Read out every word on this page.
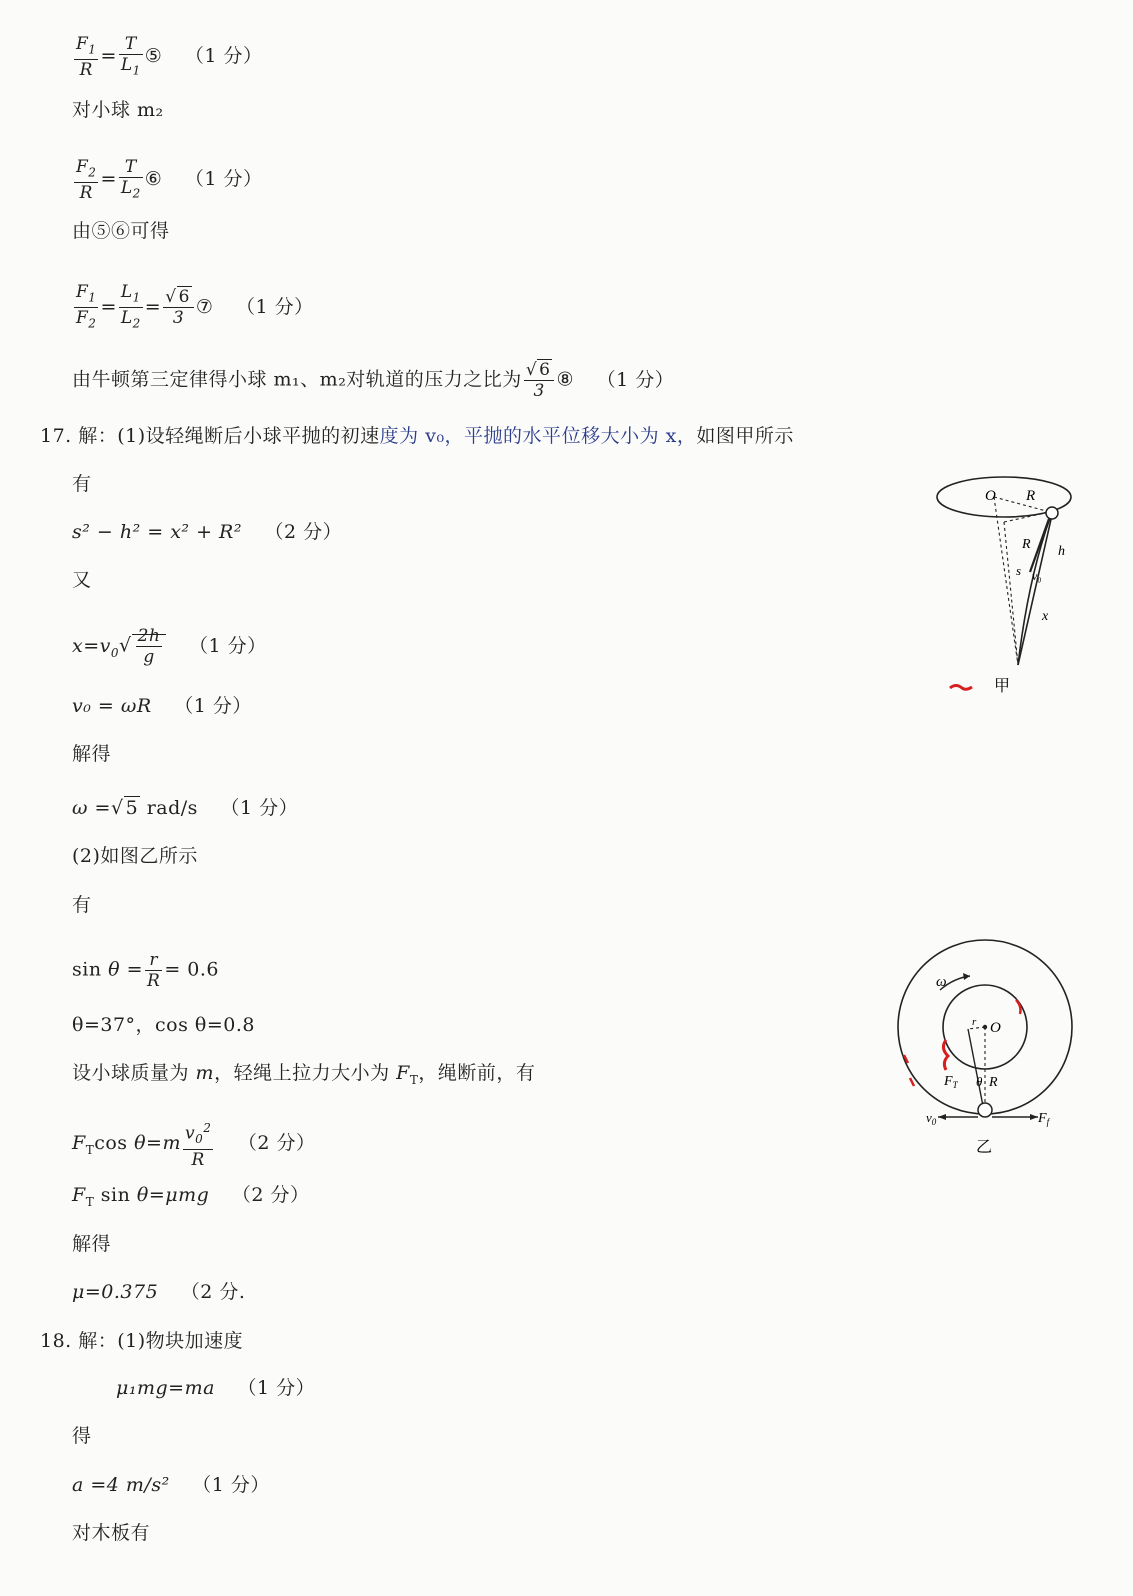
$\frac{F_1}{R} = \frac{T}{L_1}$ ⑤ （1 分）
对小球 m₂
$\frac{F_2}{R} = \frac{T}{L_2}$ ⑥ （1 分）
由⑤⑥可得
$\frac{F_1}{F_2} = \frac{L_1}{L_2} = \frac{√ 6}{3}$ ⑦ （1 分）
由牛顿第三定律得小球 m₁、m₂对轨道的压力之比为 $\frac{√ 6}{3}$ ⑧ （1 分）
17. 解：(1)设轻绳断后小球平抛的初速度为 v₀，平抛的水平位移大小为 x，如图甲所示
有
s² − h² = x² + R² （2 分）
又
$x=v_0√ \frac{2h}{g} (1$ 分）
v₀ = ωR （1 分）
解得
ω =√ 5 rad/s （1 分）
(2)如图乙所示
有
$\sin \theta = \frac{r}{R} = 0.6$
θ=37°，cos θ=0.8
设小球质量为 m，轻绳上拉力大小为 $F_T$，绳断前，有
$F_T\cos$ $\theta=m \frac{v_0^2}{R} (2$ 分）
$F_T$ sin θ=μmg （2 分）
解得
μ=0.375 （2 分.
18. 解：(1)物块加速度
μ₁mg=ma （1 分）
得
a =4 m/s² （1 分）
对木板有
O R
R h
s v₀
x
甲
ω
O
r
θ R
$F_T$
$v_0$	$F_f$
乙
